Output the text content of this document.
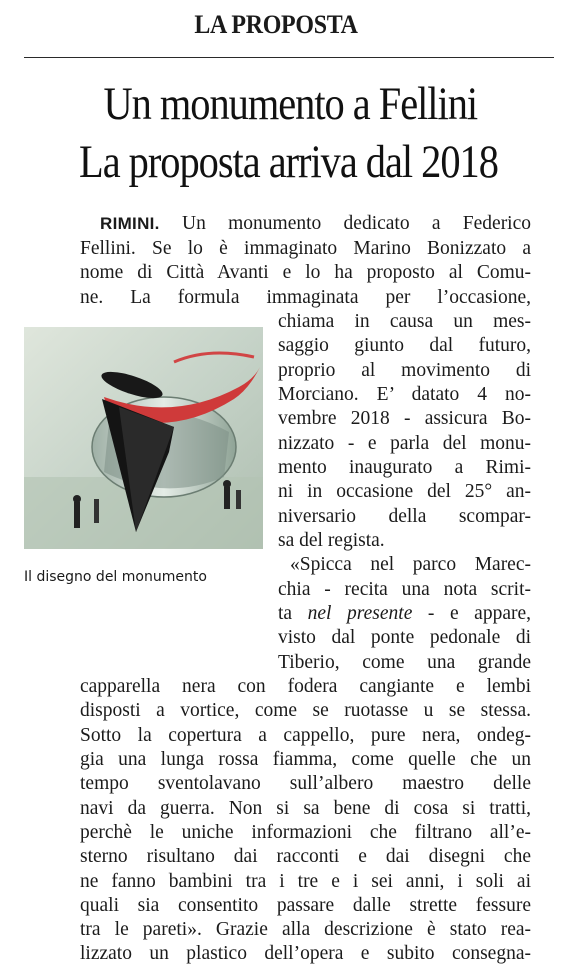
LA PROPOSTA
Un monumento a Fellini
La proposta arriva dal 2018
RIMINI. Un monumento dedicato a Federico
Fellini. Se lo è immaginato Marino Bonizzato a
nome di Città Avanti e lo ha proposto al Comu-
ne. La formula immaginata per l’occasione,
chiama in causa un mes-
saggio giunto dal futuro,
proprio al movimento di
Morciano. E’ datato 4 no-
vembre 2018 - assicura Bo-
nizzato - e parla del monu-
mento inaugurato a Rimi-
ni in occasione del 25° an-
niversario della scompar-
sa del regista.
«Spicca nel parco Marec-
chia - recita una nota scrit-
ta nel presente - e appare,
visto dal ponte pedonale di
Tiberio, come una grande
capparella nera con fodera cangiante e lembi
disposti a vortice, come se ruotasse u se stessa.
Sotto la copertura a cappello, pure nera, ondeg-
gia una lunga rossa fiamma, come quelle che un
tempo sventolavano sull’albero maestro delle
navi da guerra. Non si sa bene di cosa si tratti,
perchè le uniche informazioni che filtrano all’e-
sterno risultano dai racconti e dai disegni che
ne fanno bambini tra i tre e i sei anni, i soli ai
quali sia consentito passare dalle strette fessure
tra le pareti». Grazie alla descrizione è stato rea-
lizzato un plastico dell’opera e subito consegna-
Il disegno del monumento
